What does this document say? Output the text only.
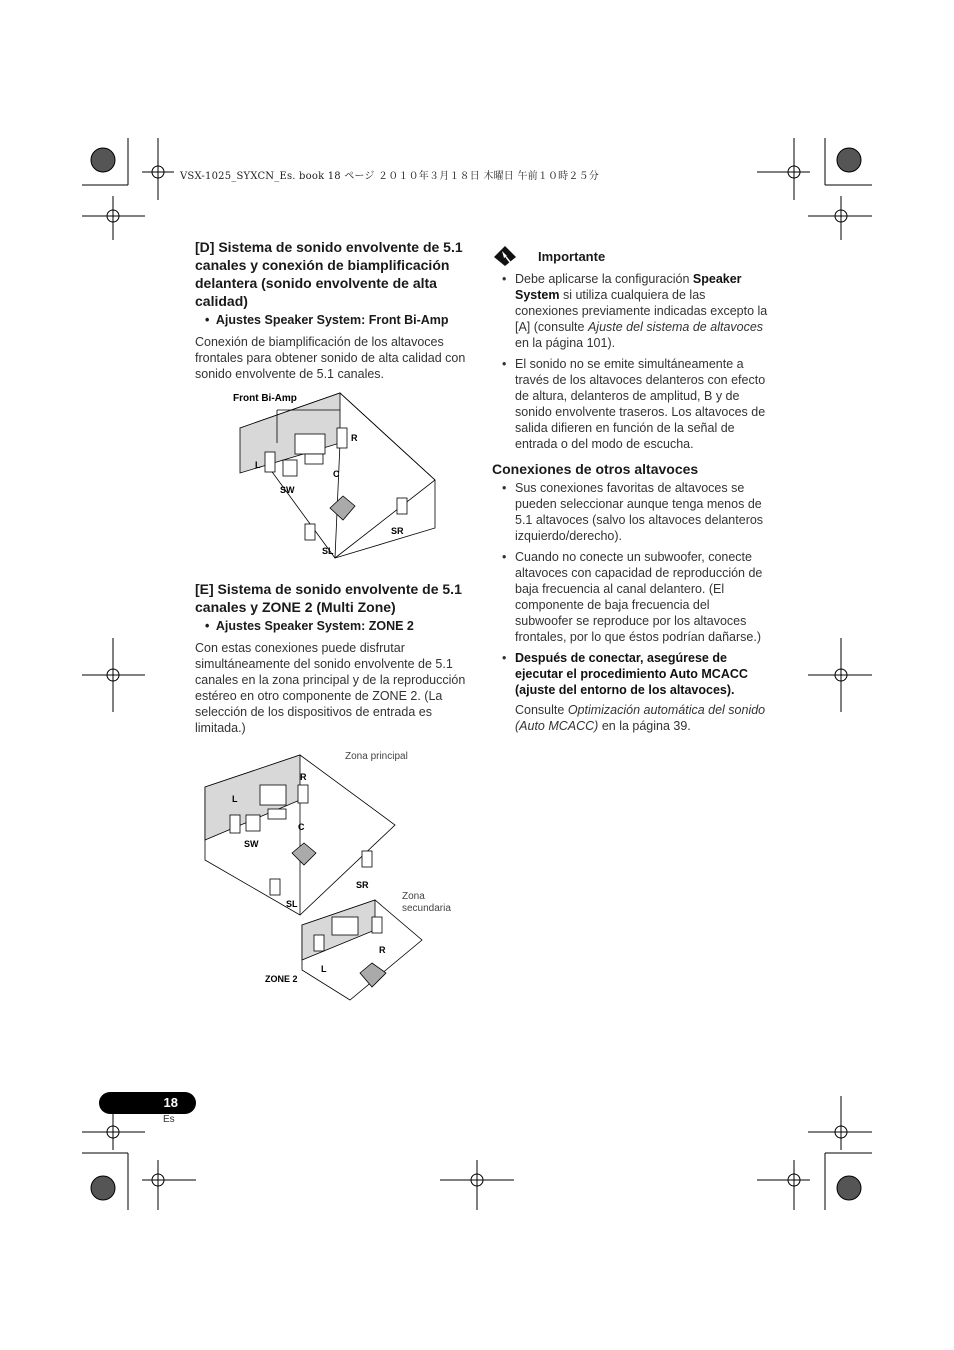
VSX-1025_SYXCN_Es. book 18 ページ ２０１０年３月１８日 木曜日 午前１０時２５分

[D] Sistema de sonido envolvente de 5.1 canales y conexión de biamplificación delantera (sonido envolvente de alta calidad)

•  Ajustes Speaker System: Front Bi-Amp

Conexión de biamplificación de los altavoces frontales para obtener sonido de alta calidad con sonido envolvente de 5.1 canales.

Front Bi-Amp
L
R
C
SW
SL
SR

[E] Sistema de sonido envolvente de 5.1 canales y ZONE 2 (Multi Zone)

•  Ajustes Speaker System: ZONE 2

Con estas conexiones puede disfrutar simultáneamente del sonido envolvente de 5.1 canales en la zona principal y de la reproducción estéreo en otro componente de ZONE 2. (La selección de los dispositivos de entrada es limitada.)

Zona principal
Zona
secundaria
ZONE 2
L
R
C
SW
SL
SR
L
R
Importante
• Debe aplicarse la configuración Speaker System si utiliza cualquiera de las conexiones previamente indicadas excepto la [A] (consulte Ajuste del sistema de altavoces en la página 101).
• El sonido no se emite simultáneamente a través de los altavoces delanteros con efecto de altura, delanteros de amplitud, B y de sonido envolvente traseros. Los altavoces de salida difieren en función de la señal de entrada o del modo de escucha.

Conexiones de otros altavoces

• Sus conexiones favoritas de altavoces se pueden seleccionar aunque tenga menos de 5.1 altavoces (salvo los altavoces delanteros izquierdo/derecho).
• Cuando no conecte un subwoofer, conecte altavoces con capacidad de reproducción de baja frecuencia al canal delantero. (El componente de baja frecuencia del subwoofer se reproduce por los altavoces frontales, por lo que éstos podrían dañarse.)
• Después de conectar, asegúrese de ejecutar el procedimiento Auto MCACC (ajuste del entorno de los altavoces).

Consulte Optimización automática del sonido (Auto MCACC) en la página 39.

18
Es
